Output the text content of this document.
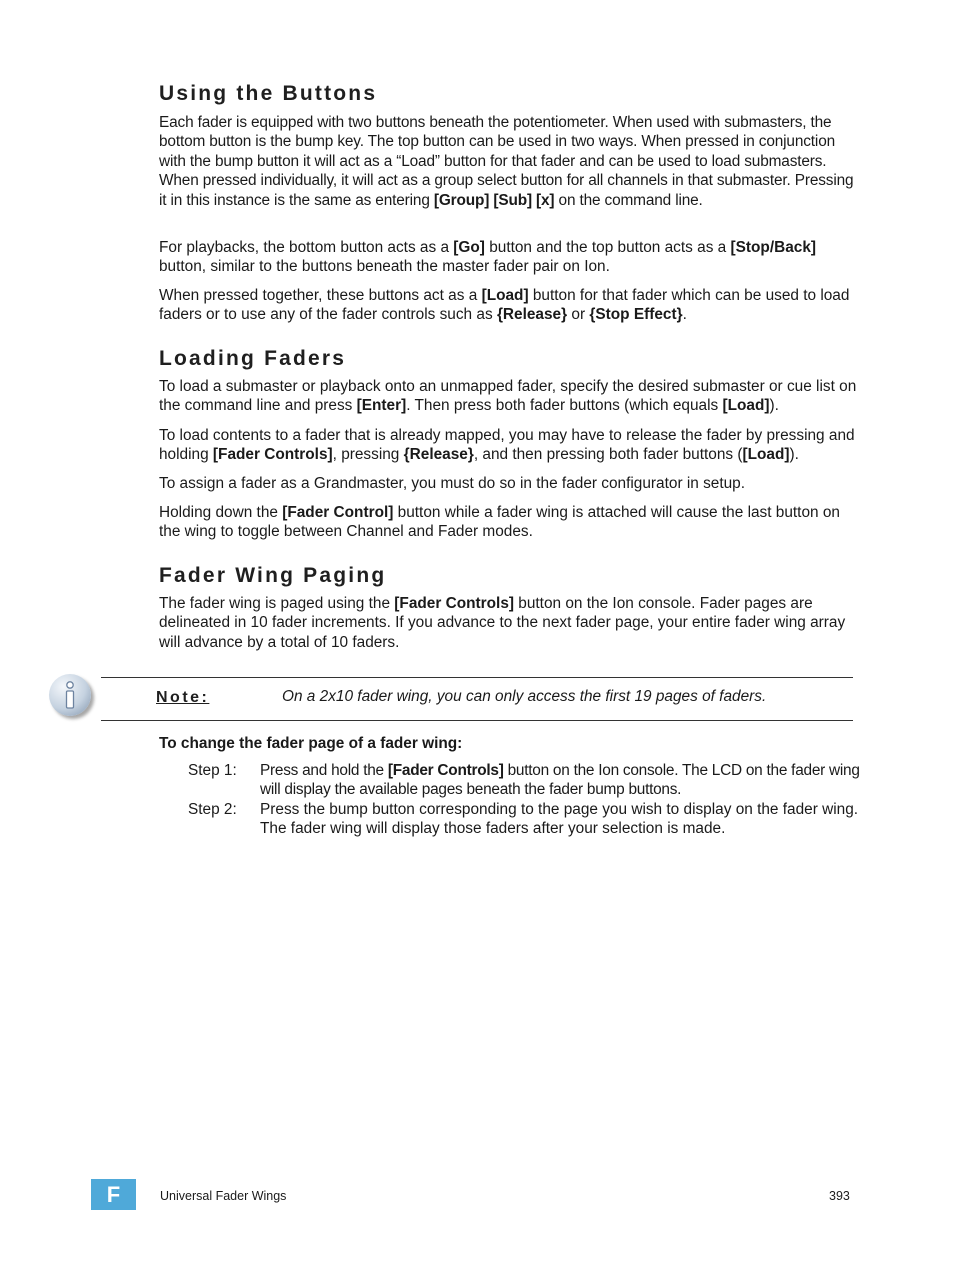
Using the Buttons

Each fader is equipped with two buttons beneath the potentiometer. When used with submasters, the bottom button is the bump key. The top button can be used in two ways. When pressed in conjunction with the bump button it will act as a “Load” button for that fader and can be used to load submasters. When pressed individually, it will act as a group select button for all channels in that submaster. Pressing it in this instance is the same as entering [Group] [Sub] [x] on the command line.

For playbacks, the bottom button acts as a [Go] button and the top button acts as a [Stop/Back] button, similar to the buttons beneath the master fader pair on Ion.

When pressed together, these buttons act as a [Load] button for that fader which can be used to load faders or to use any of the fader controls such as {Release} or {Stop Effect}.

Loading Faders

To load a submaster or playback onto an unmapped fader, specify the desired submaster or cue list on the command line and press [Enter]. Then press both fader buttons (which equals [Load]).

To load contents to a fader that is already mapped, you may have to release the fader by pressing and holding [Fader Controls], pressing {Release}, and then pressing both fader buttons ([Load]).

To assign a fader as a Grandmaster, you must do so in the fader configurator in setup.

Holding down the [Fader Control] button while a fader wing is attached will cause the last button on the wing to toggle between Channel and Fader modes.

Fader Wing Paging

The fader wing is paged using the [Fader Controls] button on the Ion console. Fader pages are delineated in 10 fader increments. If you advance to the next fader page, your entire fader wing array will advance by a total of 10 faders.

Note:	On a 2x10 fader wing, you can only access the first 19 pages of faders.

To change the fader page of a fader wing:

Step 1:	Press and hold the [Fader Controls] button on the Ion console. The LCD on the fader wing will display the available pages beneath the fader bump buttons.

Step 2:	Press the bump button corresponding to the page you wish to display on the fader wing. The fader wing will display those faders after your selection is made.

F	Universal Fader Wings	393
